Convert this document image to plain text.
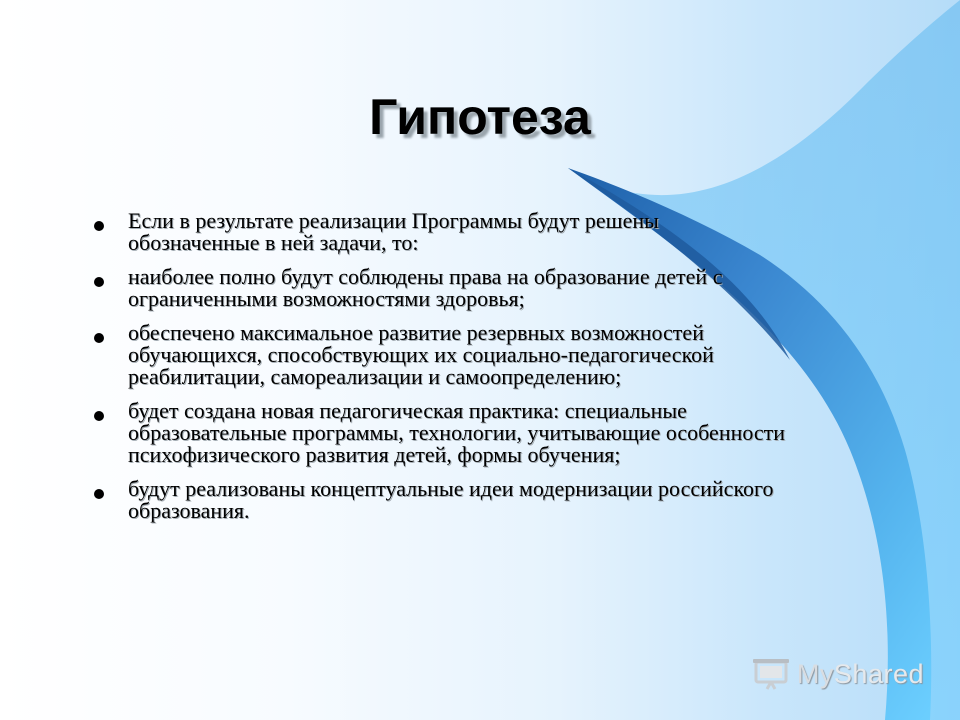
Гипотеза
Если в результате реализации Программы будут решены обозначенные в ней задачи, то:
наиболее полно будут соблюдены права на образование детей с ограниченными возможностями здоровья;
обеспечено максимальное развитие резервных возможностей обучающихся, способствующих их социально-педагогической реабилитации, самореализации и самоопределению;
будет создана новая педагогическая практика: специальные образовательные программы, технологии, учитывающие особенности психофизического развития детей, формы обучения;
будут реализованы концептуальные идеи модернизации российского образования.
MyShared
